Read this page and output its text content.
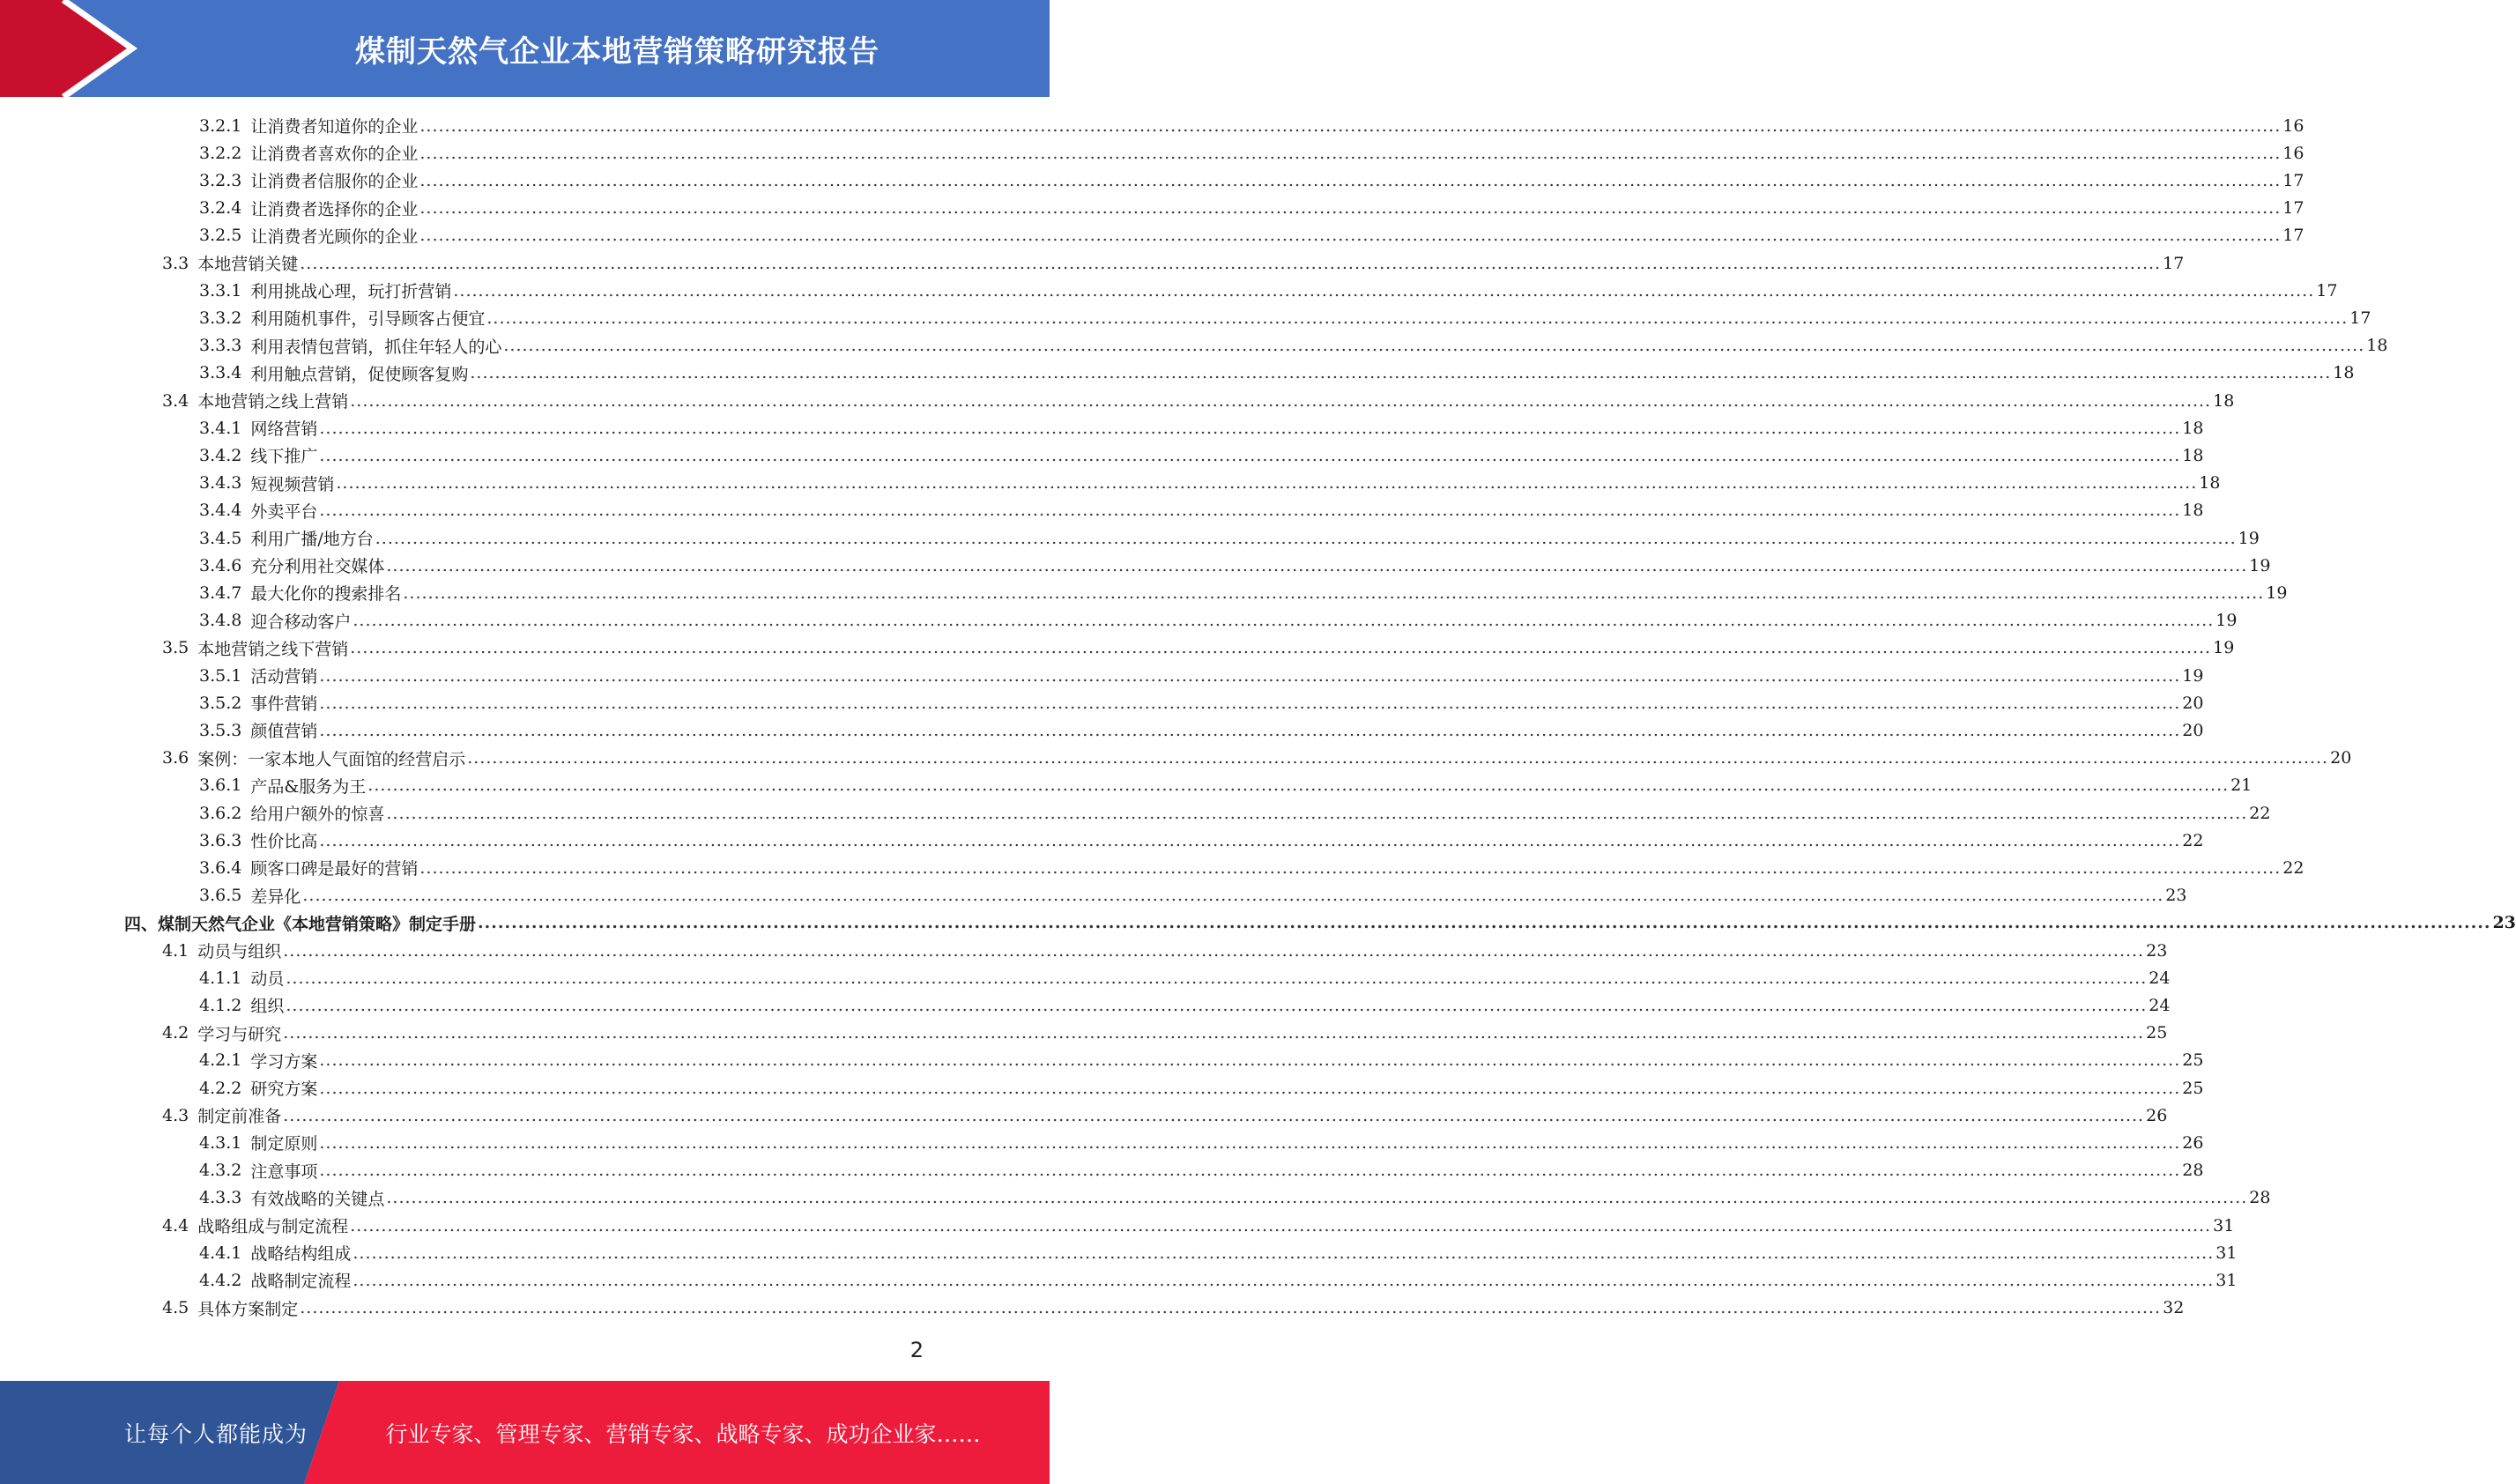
煤制天然气企业本地营销策略研究报告
3.2.1 让消费者知道你的企业 ............................................................................................................................................................................................................................................................................................................ 16
3.2.2 让消费者喜欢你的企业 ............................................................................................................................................................................................................................................................................................................ 16
3.2.3 让消费者信服你的企业 ............................................................................................................................................................................................................................................................................................................ 17
3.2.4 让消费者选择你的企业 ............................................................................................................................................................................................................................................................................................................ 17
3.2.5 让消费者光顾你的企业 ............................................................................................................................................................................................................................................................................................................ 17
3.3 本地营销关键 ............................................................................................................................................................................................................................................................................................................ 17
3.3.1 利用挑战心理，玩打折营销 ............................................................................................................................................................................................................................................................................................................ 17
3.3.2 利用随机事件，引导顾客占便宜 ............................................................................................................................................................................................................................................................................................................ 17
3.3.3 利用表情包营销，抓住年轻人的心 ............................................................................................................................................................................................................................................................................................................ 18
3.3.4 利用触点营销，促使顾客复购 ............................................................................................................................................................................................................................................................................................................ 18
3.4 本地营销之线上营销 ............................................................................................................................................................................................................................................................................................................ 18
3.4.1 网络营销 ............................................................................................................................................................................................................................................................................................................ 18
3.4.2 线下推广 ............................................................................................................................................................................................................................................................................................................ 18
3.4.3 短视频营销 ............................................................................................................................................................................................................................................................................................................ 18
3.4.4 外卖平台 ............................................................................................................................................................................................................................................................................................................ 18
3.4.5 利用广播/地方台 ............................................................................................................................................................................................................................................................................................................ 19
3.4.6 充分利用社交媒体 ............................................................................................................................................................................................................................................................................................................ 19
3.4.7 最大化你的搜索排名 ............................................................................................................................................................................................................................................................................................................ 19
3.4.8 迎合移动客户 ............................................................................................................................................................................................................................................................................................................ 19
3.5 本地营销之线下营销 ............................................................................................................................................................................................................................................................................................................ 19
3.5.1 活动营销 ............................................................................................................................................................................................................................................................................................................ 19
3.5.2 事件营销 ............................................................................................................................................................................................................................................................................................................ 20
3.5.3 颜值营销 ............................................................................................................................................................................................................................................................................................................ 20
3.6 案例：一家本地人气面馆的经营启示 ............................................................................................................................................................................................................................................................................................................ 20
3.6.1 产品&服务为王 ............................................................................................................................................................................................................................................................................................................ 21
3.6.2 给用户额外的惊喜 ............................................................................................................................................................................................................................................................................................................ 22
3.6.3 性价比高 ............................................................................................................................................................................................................................................................................................................ 22
3.6.4 顾客口碑是最好的营销 ............................................................................................................................................................................................................................................................................................................ 22
3.6.5 差异化 ............................................................................................................................................................................................................................................................................................................ 23
四、煤制天然气企业《本地营销策略》制定手册 ............................................................................................................................................................................................................................................................................................................ 23
4.1 动员与组织 ............................................................................................................................................................................................................................................................................................................ 23
4.1.1 动员 ............................................................................................................................................................................................................................................................................................................ 24
4.1.2 组织 ............................................................................................................................................................................................................................................................................................................ 24
4.2 学习与研究 ............................................................................................................................................................................................................................................................................................................ 25
4.2.1 学习方案 ............................................................................................................................................................................................................................................................................................................ 25
4.2.2 研究方案 ............................................................................................................................................................................................................................................................................................................ 25
4.3 制定前准备 ............................................................................................................................................................................................................................................................................................................ 26
4.3.1 制定原则 ............................................................................................................................................................................................................................................................................................................ 26
4.3.2 注意事项 ............................................................................................................................................................................................................................................................................................................ 28
4.3.3 有效战略的关键点 ............................................................................................................................................................................................................................................................................................................ 28
4.4 战略组成与制定流程 ............................................................................................................................................................................................................................................................................................................ 31
4.4.1 战略结构组成 ............................................................................................................................................................................................................................................................................................................ 31
4.4.2 战略制定流程 ............................................................................................................................................................................................................................................................................................................ 31
4.5 具体方案制定 ............................................................................................................................................................................................................................................................................................................ 32
2
让每个人都能成为	行业专家、管理专家、营销专家、战略专家、成功企业家……
